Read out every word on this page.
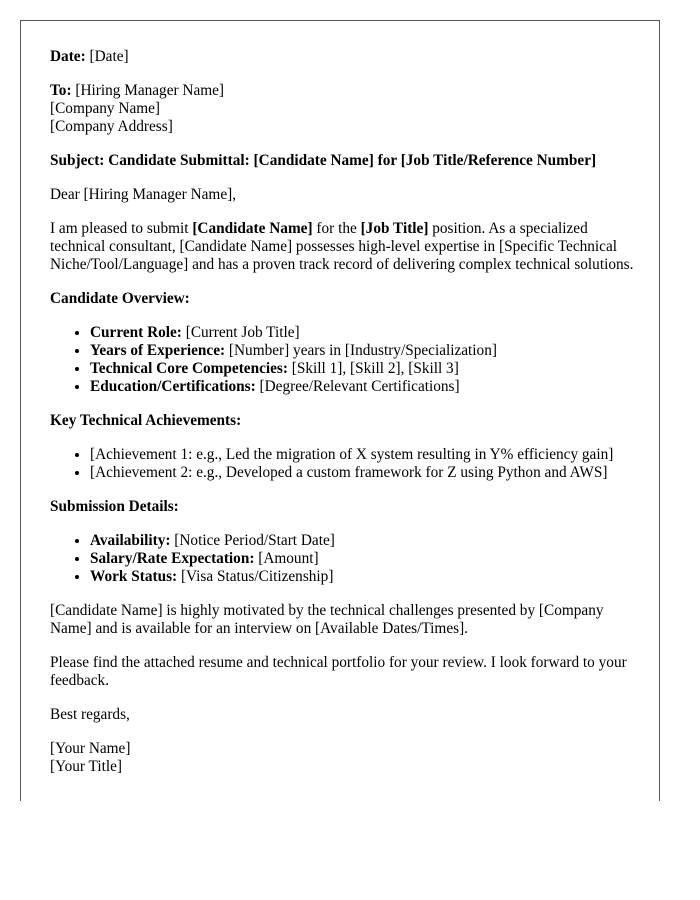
Date: [Date]

To: [Hiring Manager Name]
[Company Name]
[Company Address]

Subject: Candidate Submittal: [Candidate Name] for [Job Title/Reference Number]

Dear [Hiring Manager Name],

I am pleased to submit [Candidate Name] for the [Job Title] position. As a specialized technical consultant, [Candidate Name] possesses high-level expertise in [Specific Technical Niche/Tool/Language] and has a proven track record of delivering complex technical solutions.

Candidate Overview:

• Current Role: [Current Job Title]
• Years of Experience: [Number] years in [Industry/Specialization]
• Technical Core Competencies: [Skill 1], [Skill 2], [Skill 3]
• Education/Certifications: [Degree/Relevant Certifications]

Key Technical Achievements:

• [Achievement 1: e.g., Led the migration of X system resulting in Y% efficiency gain]
• [Achievement 2: e.g., Developed a custom framework for Z using Python and AWS]

Submission Details:

• Availability: [Notice Period/Start Date]
• Salary/Rate Expectation: [Amount]
• Work Status: [Visa Status/Citizenship]

[Candidate Name] is highly motivated by the technical challenges presented by [Company Name] and is available for an interview on [Available Dates/Times].

Please find the attached resume and technical portfolio for your review. I look forward to your feedback.

Best regards,

[Your Name]
[Your Title]
